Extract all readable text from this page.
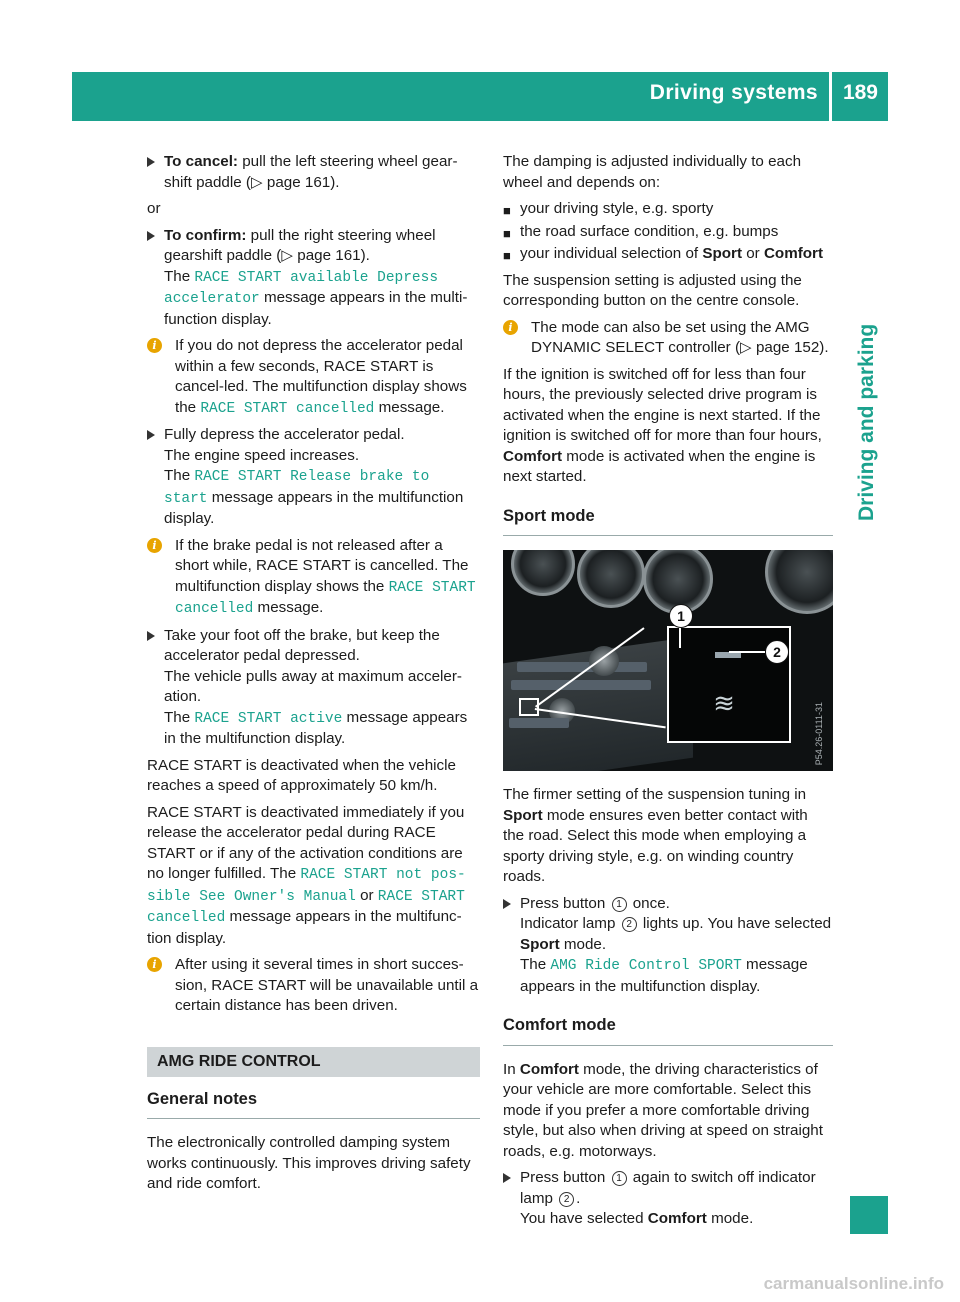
Driving systems 189
Driving and parking
To cancel: pull the left steering wheel gear-shift paddle (▷ page 161).

or

To confirm: pull the right steering wheel gearshift paddle (▷ page 161).
The RACE START available Depress accelerator message appears in the multi-function display.
i	If you do not depress the accelerator pedal within a few seconds, RACE START is cancel-led. The multifunction display shows the RACE START cancelled message.
Fully depress the accelerator pedal.
The engine speed increases.
The RACE START Release brake to start message appears in the multifunction display.
i	If the brake pedal is not released after a short while, RACE START is cancelled. The multifunction display shows the RACE START cancelled message.
Take your foot off the brake, but keep the accelerator pedal depressed.
The vehicle pulls away at maximum acceler-ation.
The RACE START active message appears in the multifunction display.

RACE START is deactivated when the vehicle reaches a speed of approximately 50 km/h.

RACE START is deactivated immediately if you release the accelerator pedal during RACE START or if any of the activation conditions are no longer fulfilled. The RACE START not pos-sible See Owner's Manual or RACE START cancelled message appears in the multifunc-tion display.

i	After using it several times in short succes-sion, RACE START will be unavailable until a certain distance has been driven.
AMG RIDE CONTROL
General notes

The electronically controlled damping system works continuously. This improves driving safety and ride comfort.

The damping is adjusted individually to each wheel and depends on:

■ your driving style, e.g. sporty
■ the road surface condition, e.g. bumps
■ your individual selection of Sport or Comfort

The suspension setting is adjusted using the corresponding button on the centre console.

i	The mode can also be set using the AMG DYNAMIC SELECT controller (▷ page 152).

If the ignition is switched off for less than four hours, the previously selected drive program is activated when the engine is next started. If the ignition is switched off for more than four hours, Comfort mode is activated when the engine is next started.

Sport mode
≋
1
2
P54.26-0111-31

The firmer setting of the suspension tuning in Sport mode ensures even better contact with the road. Select this mode when employing a sporty driving style, e.g. on winding country roads.

Press button 1 once.
Indicator lamp 2 lights up. You have selected Sport mode.
The AMG Ride Control SPORT message appears in the multifunction display.
Comfort mode

In Comfort mode, the driving characteristics of your vehicle are more comfortable. Select this mode if you prefer a more comfortable driving style, but also when driving at speed on straight roads, e.g. motorways.

Press button 1 again to switch off indicator lamp 2 .
You have selected Comfort mode.
carmanualsonline.info
